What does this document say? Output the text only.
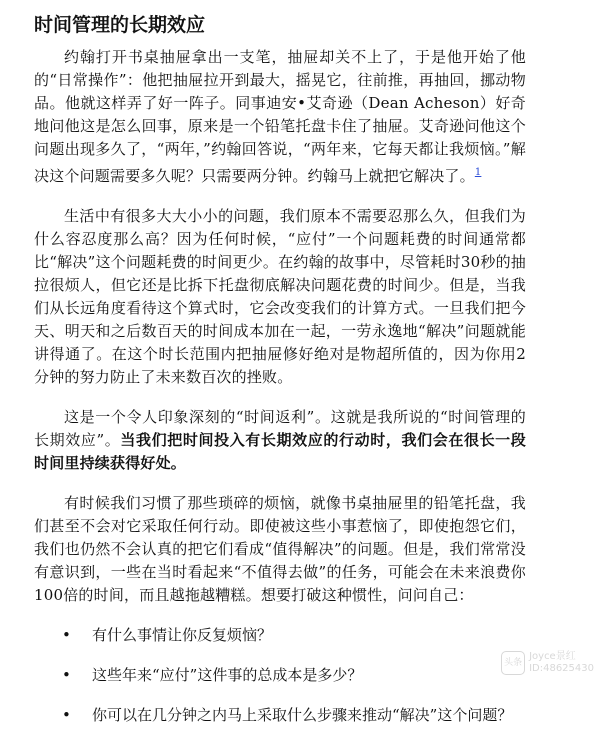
时间管理的长期效应

约翰打开书桌抽屉拿出一支笔，抽屉却关不上了，于是他开始了他的“日常操作”：他把抽屉拉开到最大，摇晃它，往前推，再抽回，挪动物品。他就这样弄了好一阵子。同事迪安•艾奇逊（Dean Acheson）好奇地问他这是怎么回事，原来是一个铅笔托盘卡住了抽屉。艾奇逊问他这个问题出现多久了，“两年，”约翰回答说，“两年来，它每天都让我烦恼。”解决这个问题需要多久呢？只需要两分钟。约翰马上就把它解决了。$^1$

生活中有很多大大小小的问题，我们原本不需要忍那么久，但我们为什么容忍度那么高？因为任何时候，“应付”一个问题耗费的时间通常都比“解决”这个问题耗费的时间更少。在约翰的故事中，尽管耗时30秒的抽拉很烦人，但它还是比拆下托盘彻底解决问题花费的时间少。但是，当我们从长远角度看待这个算式时，它会改变我们的计算方式。一旦我们把今天、明天和之后数百天的时间成本加在一起，一劳永逸地“解决”问题就能讲得通了。在这个时长范围内把抽屉修好绝对是物超所值的，因为你用2分钟的努力防止了未来数百次的挫败。

这是一个令人印象深刻的“时间返利”。这就是我所说的“时间管理的长期效应”。当我们把时间投入有长期效应的行动时，我们会在很长一段时间里持续获得好处。

有时候我们习惯了那些琐碎的烦恼，就像书桌抽屉里的铅笔托盘，我们甚至不会对它采取任何行动。即使被这些小事惹恼了，即使抱怨它们，我们也仍然不会认真的把它们看成“值得解决”的问题。但是，我们常常没有意识到，一些在当时看起来“不值得去做”的任务，可能会在未来浪费你100倍的时间，而且越拖越糟糕。想要打破这种惯性，问问自己：

• 有什么事情让你反复烦恼？
• 这些年来“应付”这件事的总成本是多少？
• 你可以在几分钟之内马上采取什么步骤来推动“解决”这个问题？
头条
Joyce景红
ID:48625430
